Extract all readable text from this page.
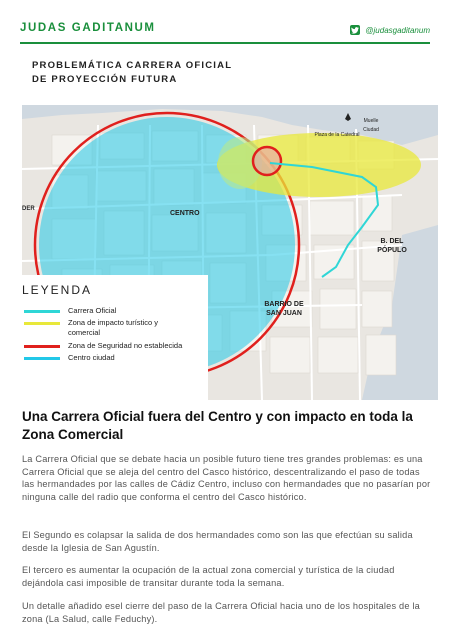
JUDAS GADITANUM	@judasgaditanum
PROBLEMÁTICA CARRERA OFICIAL
DE PROYECCIÓN FUTURA
CENTRO
DER
BARRIO DE SAN JUAN
B. DEL PÓPULO
Plaza de la Catedral
Muelle Ciudad
LEYENDA
Carrera Oficial
Zona de impacto turístico y comercial
Zona de Seguridad no establecida
Centro ciudad
Una Carrera Oficial fuera del Centro y con impacto en toda la Zona Comercial

La Carrera Oficial que se debate hacia un posible futuro tiene tres grandes problemas: es una Carrera Oficial que se aleja del centro del Casco histórico, descentralizando el paso de todas las hermandades por las calles de Cádiz Centro, incluso con hermandades que no pasarían por ninguna calle del radio que conforma el centro del Casco histórico.

El Segundo es colapsar la salida de dos hermandades como son las que efectúan su salida desde la Iglesia de San Agustín.

El tercero es aumentar la ocupación de la actual zona comercial y turística de la ciudad dejándola casi imposible de transitar durante toda la semana.

Un detalle añadido esel cierre del paso de la Carrera Oficial hacia uno de los hospitales de la zona (La Salud, calle Feduchy).
